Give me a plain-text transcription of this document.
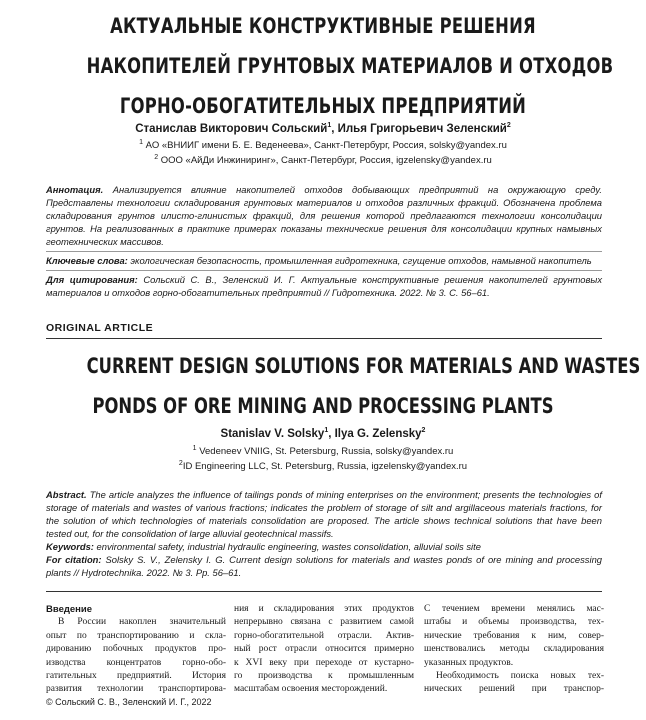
АКТУАЛЬНЫЕ КОНСТРУКТИВНЫЕ РЕШЕНИЯ
НАКОПИТЕЛЕЙ ГРУНТОВЫХ МАТЕРИАЛОВ И ОТХОДОВ
ГОРНО-ОБОГАТИТЕЛЬНЫХ ПРЕДПРИЯТИЙ
Станислав Викторович Сольский$^1$, Илья Григорьевич Зеленский$^2$
$^1$ АО «ВНИИГ имени Б. Е. Веденеева», Санкт-Петербург, Россия, solsky@yandex.ru
$^2$ ООО «АйДи Инжиниринг», Санкт-Петербург, Россия, igzelensky@yandex.ru

Аннотация. Анализируется влияние накопителей отходов добывающих предприятий на окружающую среду. Представлены технологии складирования грунтовых материалов и отходов различных фракций. Обозначена проблема складирования грунтов илисто-глинистых фракций, для решения которой предлагаются технологии консолидации грунтов. На реализованных в практике примерах показаны технические решения для консолидации крупных намывных геотехнических массивов.

Ключевые слова: экологическая безопасность, промышленная гидротехника, сгущение отходов, намывной накопитель

Для цитирования: Сольский С. В., Зеленский И. Г. Актуальные конструктивные решения накопителей грунтовых материалов и отходов горно-обогатительных предприятий // Гидротехника. 2022. № 3. С. 56–61.

ORIGINAL ARTICLE
CURRENT DESIGN SOLUTIONS FOR MATERIALS AND WASTES
PONDS OF ORE MINING AND PROCESSING PLANTS
Stanislav V. Solsky$^1$, Ilya G. Zelensky$^2$
$^1$ Vedeneev VNIIG, St. Petersburg, Russia, solsky@yandex.ru
$^2$ID Engineering LLC, St. Petersburg, Russia, igzelensky@yandex.ru

Abstract. The article analyzes the influence of tailings ponds of mining enterprises on the environment; presents the technologies of storage of materials and wastes of various fractions; indicates the problem of storage of silt and argillaceous materials fractions, for the solution of which technologies of materials consolidation are proposed. The article shows technical solutions that have been tested out, for the consolidation of large alluvial geotechnical massifs.

Keywords: environmental safety, industrial hydraulic engineering, wastes consolidation, alluvial soils site

For citation: Solsky S. V., Zelensky I. G. Current design solutions for materials and wastes ponds of ore mining and processing plants // Hydrotechnika. 2022. № 3. Pp. 56–61.

Введение
В России накоплен значительный
опыт по транспортированию и скла-
дированию побочных продуктов про-
изводства концентратов горно-обо-
гатительных предприятий. История
развития технологии транспортирова-
ния и складирования этих продуктов
непрерывно связана с развитием самой
горно-обогатительной отрасли. Актив-
ный рост отрасли относится примерно
к XVI веку при переходе от кустарно-
го производства к промышленным
масштабам освоения месторождений.
С течением времени менялись мас-
штабы и объемы производства, тех-
нические требования к ним, совер-
шенствовались методы складирования
указанных продуктов.
Необходимость поиска новых тех-
нических решений при транспор-
© Сольский С. В., Зеленский И. Г., 2022
